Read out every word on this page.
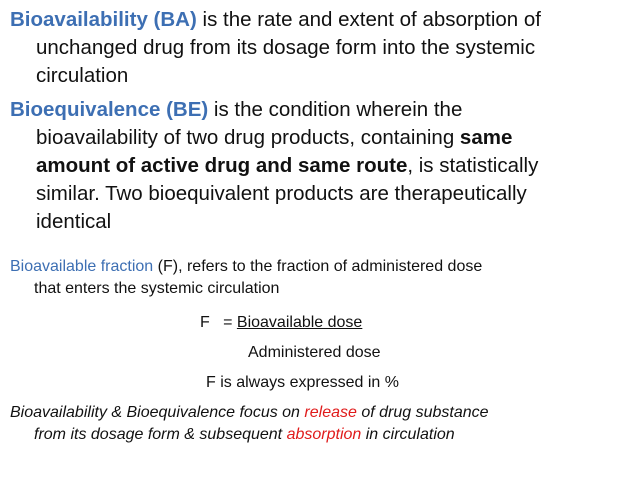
Bioavailability (BA) is the rate and extent of absorption of
unchanged drug from its dosage form into the systemic
circulation

Bioequivalence (BE) is the condition wherein the
bioavailability of two drug products, containing same
amount of active drug and same route, is statistically
similar. Two bioequivalent products are therapeutically
identical

Bioavailable fraction (F), refers to the fraction of administered dose
that enters the systemic circulation

F   = Bioavailable dose
Administered dose
F is always expressed in %

Bioavailability & Bioequivalence focus on release of drug substance
from its dosage form & subsequent absorption in circulation
